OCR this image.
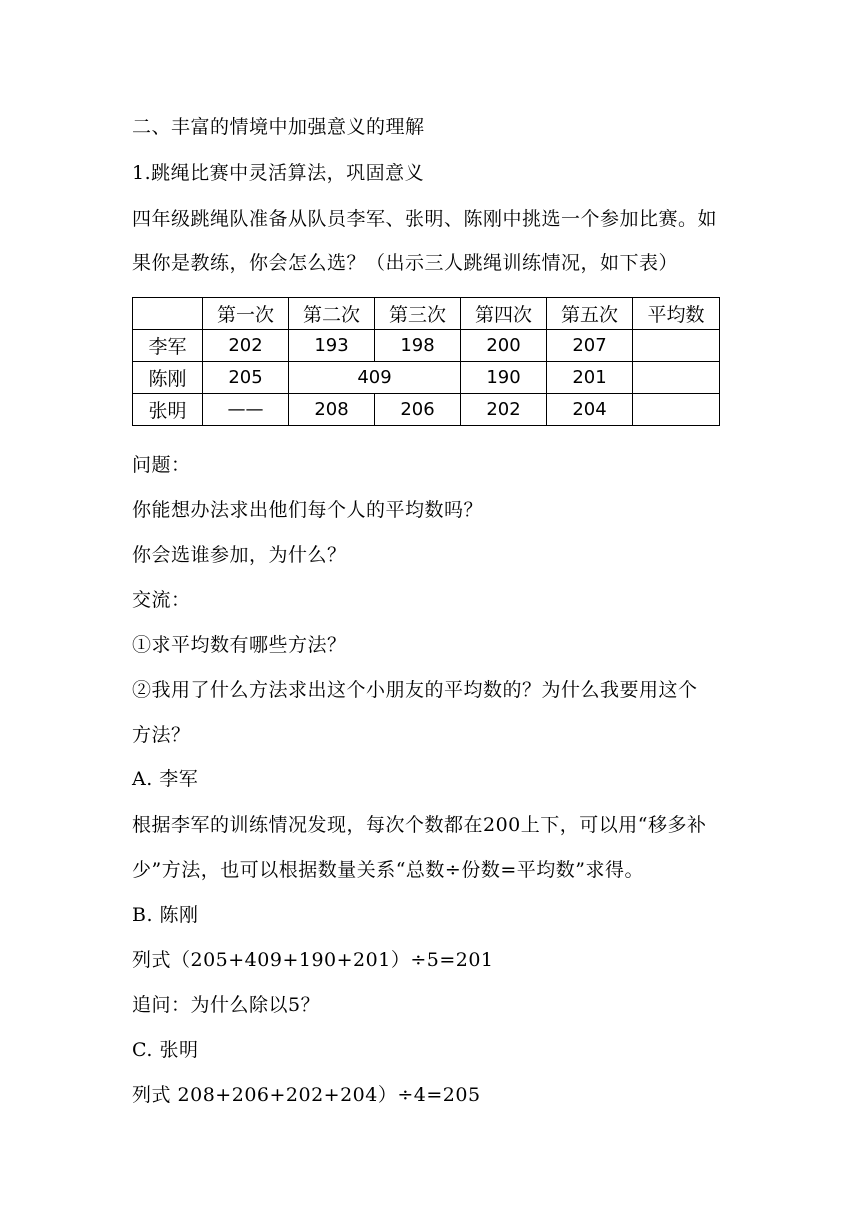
二、丰富的情境中加强意义的理解
1.跳绳比赛中灵活算法，巩固意义
四年级跳绳队准备从队员李军、张明、陈刚中挑选一个参加比赛。如
果你是教练，你会怎么选？（出示三人跳绳训练情况，如下表）
	第一次	第二次	第三次	第四次	第五次	平均数
李军	202	193	198	200	207	
陈刚	205	409		190	201	
张明	——	208	206	202	204	
问题：
你能想办法求出他们每个人的平均数吗？
你会选谁参加，为什么？
交流：
①求平均数有哪些方法？
②我用了什么方法求出这个小朋友的平均数的？为什么我要用这个
方法？
A. 李军
根据李军的训练情况发现，每次个数都在200上下，可以用“移多补
少”方法，也可以根据数量关系“总数÷份数=平均数”求得。
B. 陈刚
列式（205+409+190+201）÷5=201
追问：为什么除以5？
C. 张明
列式 208+206+202+204）÷4=205
